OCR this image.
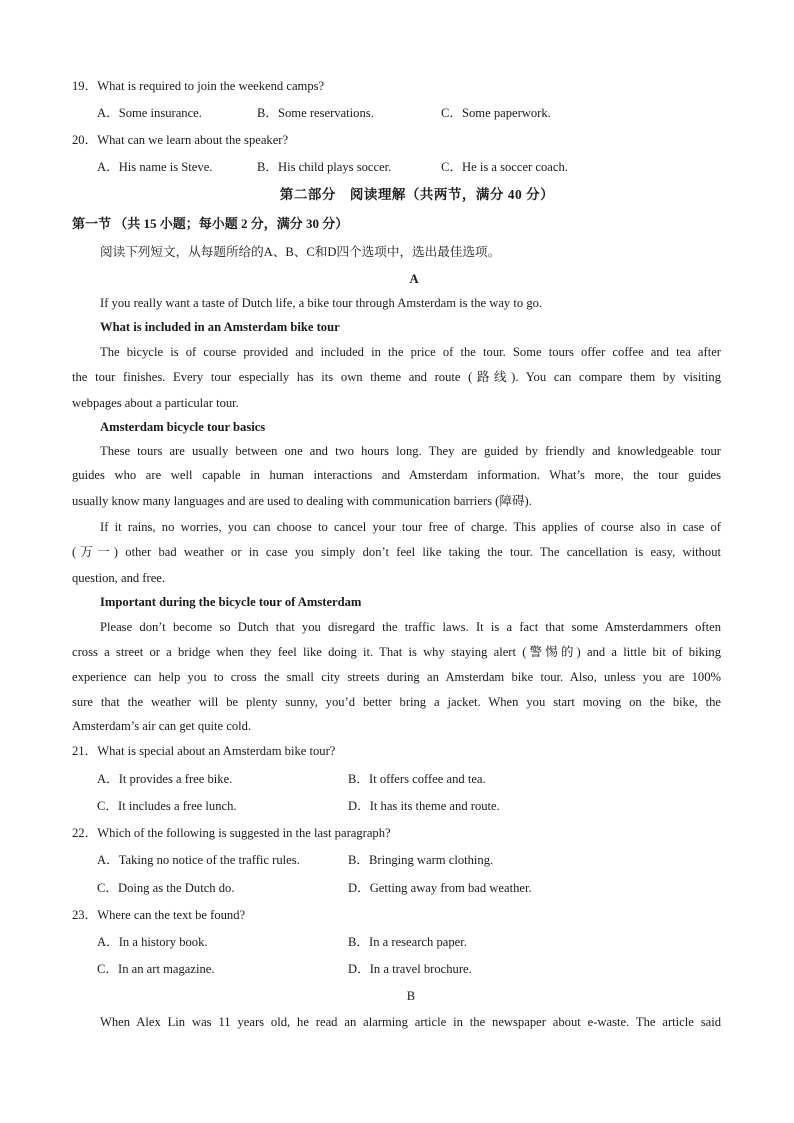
19．What is required to join the weekend camps?
A．Some insurance.	B．Some reservations.	C．Some paperwork.
20．What can we learn about the speaker?
A．His name is Steve.	B．His child plays soccer.	C．He is a soccer coach.
第二部分　阅读理解（共两节，满分 40 分）
第一节 （共 15 小题；每小题 2 分，满分 30 分）
阅读下列短文，从每题所给的A、B、C和D四个选项中，选出最佳选项。
A
If you really want a taste of Dutch life, a bike tour through Amsterdam is the way to go.
What is included in an Amsterdam bike tour
The bicycle is of course provided and included in the price of the tour. Some tours offer coffee and tea after
the tour finishes. Every tour especially has its own theme and route (路线). You can compare them by visiting
webpages about a particular tour.
Amsterdam bicycle tour basics
These tours are usually between one and two hours long. They are guided by friendly and knowledgeable tour
guides who are well capable in human interactions and Amsterdam information. What’s more, the tour guides
usually know many languages and are used to dealing with communication barriers (障碍).
If it rains, no worries, you can choose to cancel your tour free of charge. This applies of course also in case of
(万一) other bad weather or in case you simply don’t feel like taking the tour. The cancellation is easy, without
question, and free.
Important during the bicycle tour of Amsterdam
Please don’t become so Dutch that you disregard the traffic laws. It is a fact that some Amsterdammers often
cross a street or a bridge when they feel like doing it. That is why staying alert (警惕的) and a little bit of biking
experience can help you to cross the small city streets during an Amsterdam bike tour. Also, unless you are 100%
sure that the weather will be plenty sunny, you’d better bring a jacket. When you start moving on the bike, the
Amsterdam’s air can get quite cold.
21．What is special about an Amsterdam bike tour?
A．It provides a free bike.	B．It offers coffee and tea.
C．It includes a free lunch.	D．It has its theme and route.
22．Which of the following is suggested in the last paragraph?
A．Taking no notice of the traffic rules.	B．Bringing warm clothing.
C．Doing as the Dutch do.	D．Getting away from bad weather.
23．Where can the text be found?
A．In a history book.	B．In a research paper.
C．In an art magazine.	D．In a travel brochure.
B
When Alex Lin was 11 years old, he read an alarming article in the newspaper about e-waste. The article said
